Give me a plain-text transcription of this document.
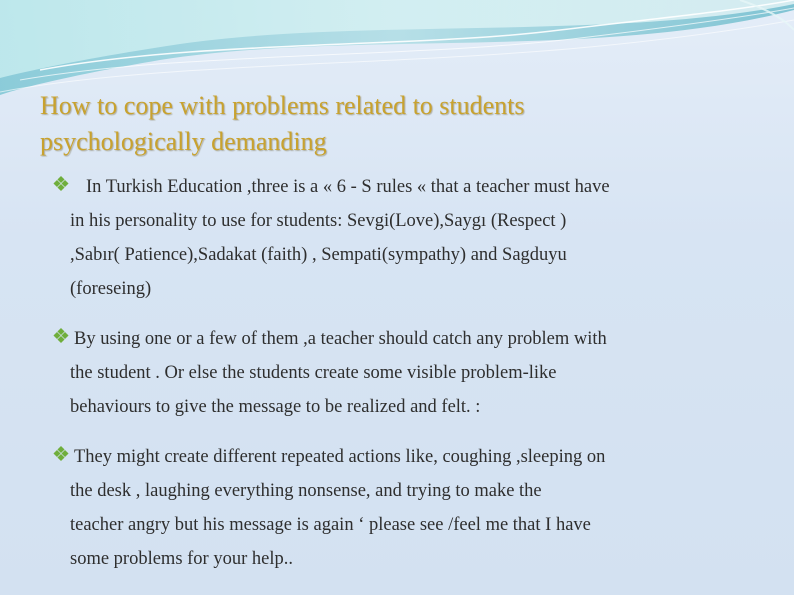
How to cope with problems related to students
psychologically demanding
In Turkish Education ,three is a « 6 - S rules « that a teacher must have
in his personality to use for students: Sevgi(Love),Saygı (Respect )
,Sabır( Patience),Sadakat (faith) , Sempati(sympathy) and Sagduyu
(foreseing)
By using one or a few of them ,a teacher should catch any problem with
the student . Or else the students create some visible problem-like
behaviours to give the message to be realized and felt. :
They might create different repeated actions like, coughing ,sleeping on
the desk , laughing everything nonsense, and trying to make the
teacher angry but his message is again ‘ please see /feel me that I have
some problems for your help..
